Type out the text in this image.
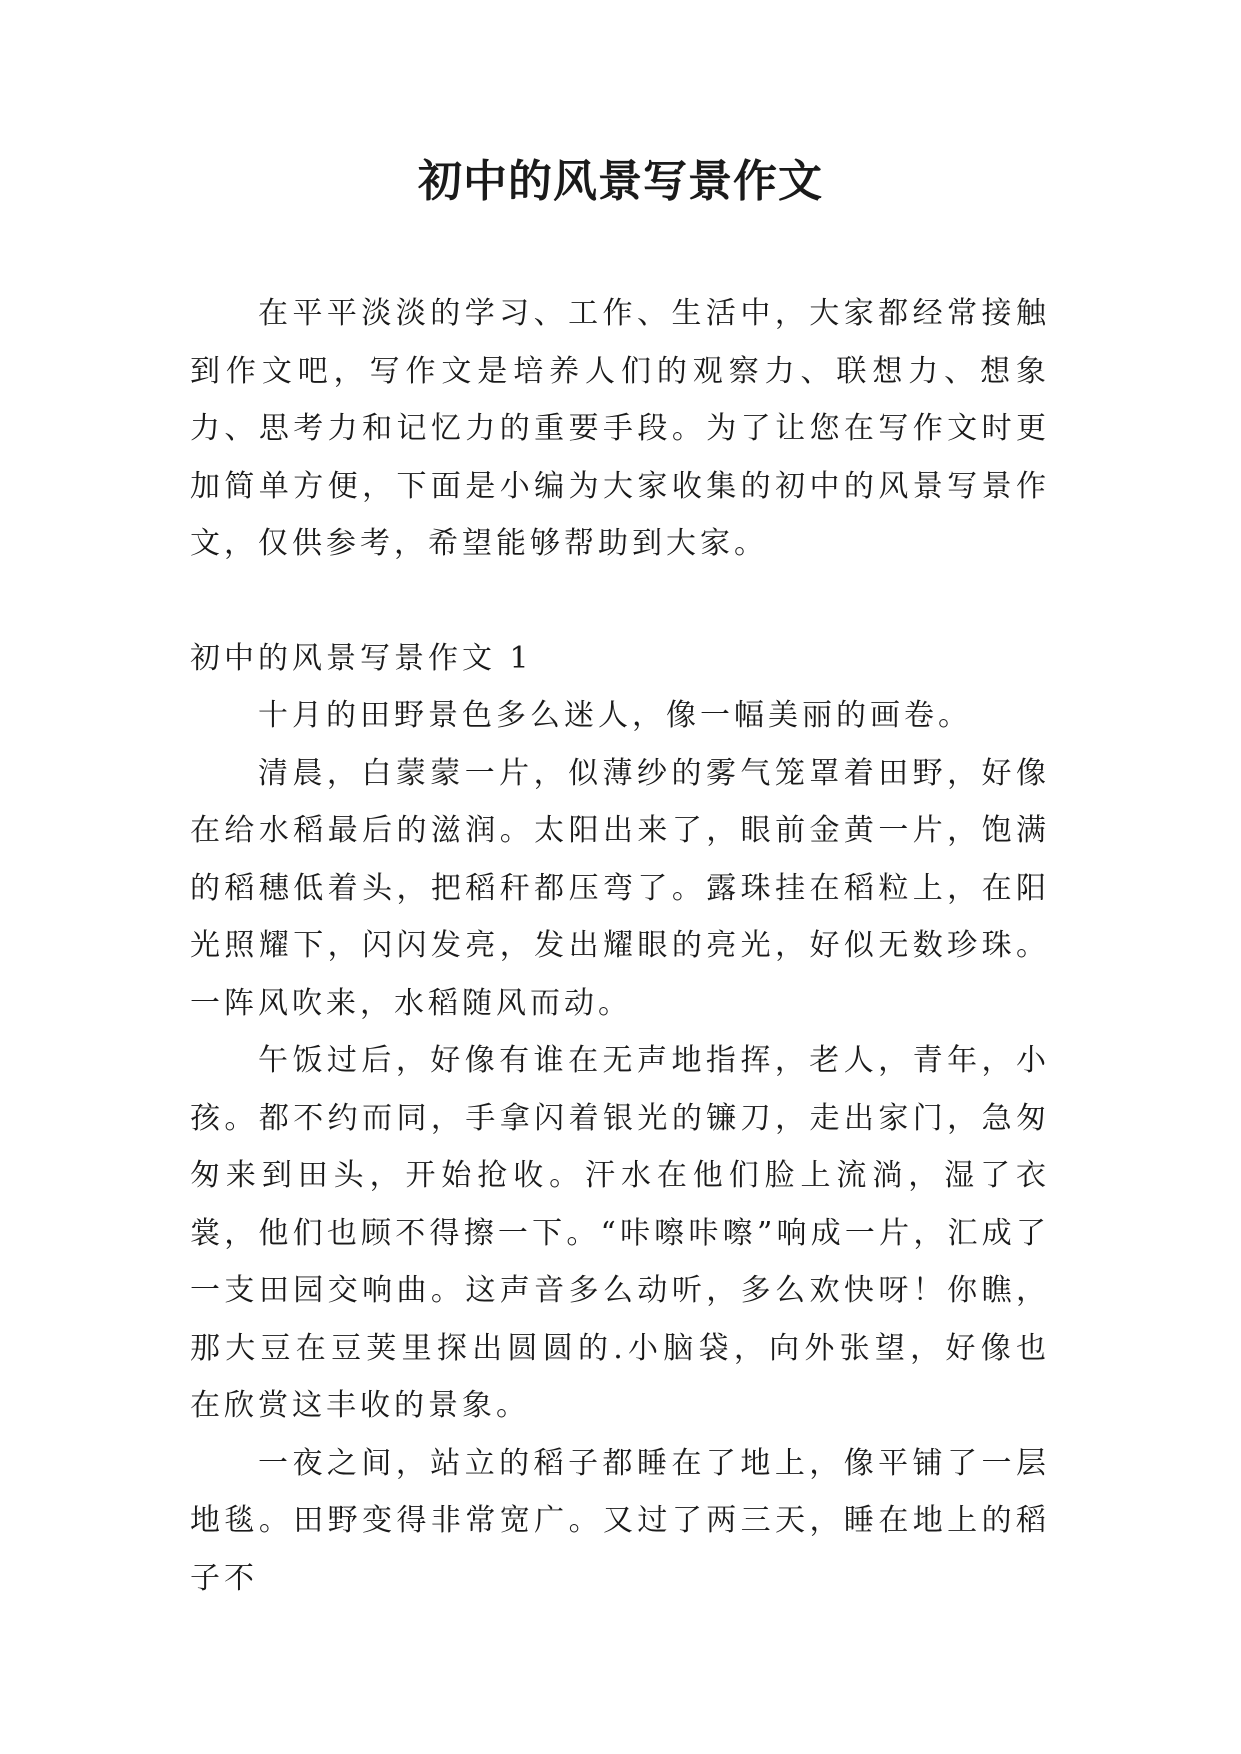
初中的风景写景作文

在平平淡淡的学习、工作、生活中，大家都经常接触到作文吧，写作文是培养人们的观察力、联想力、想象力、思考力和记忆力的重要手段。为了让您在写作文时更加简单方便，下面是小编为大家收集的初中的风景写景作文，仅供参考，希望能够帮助到大家。

初中的风景写景作文 1

十月的田野景色多么迷人，像一幅美丽的画卷。

清晨，白蒙蒙一片，似薄纱的雾气笼罩着田野，好像在给水稻最后的滋润。太阳出来了，眼前金黄一片，饱满的稻穗低着头，把稻秆都压弯了。露珠挂在稻粒上，在阳光照耀下，闪闪发亮，发出耀眼的亮光，好似无数珍珠。一阵风吹来，水稻随风而动。

午饭过后，好像有谁在无声地指挥，老人，青年，小孩。都不约而同，手拿闪着银光的镰刀，走出家门，急匆匆来到田头，开始抢收。汗水在他们脸上流淌，湿了衣裳，他们也顾不得擦一下。“咔嚓咔嚓”响成一片，汇成了一支田园交响曲。这声音多么动听，多么欢快呀！你瞧，那大豆在豆荚里探出圆圆的.小脑袋，向外张望，好像也在欣赏这丰收的景象。

一夜之间，站立的稻子都睡在了地上，像平铺了一层地毯。田野变得非常宽广。又过了两三天，睡在地上的稻子不
